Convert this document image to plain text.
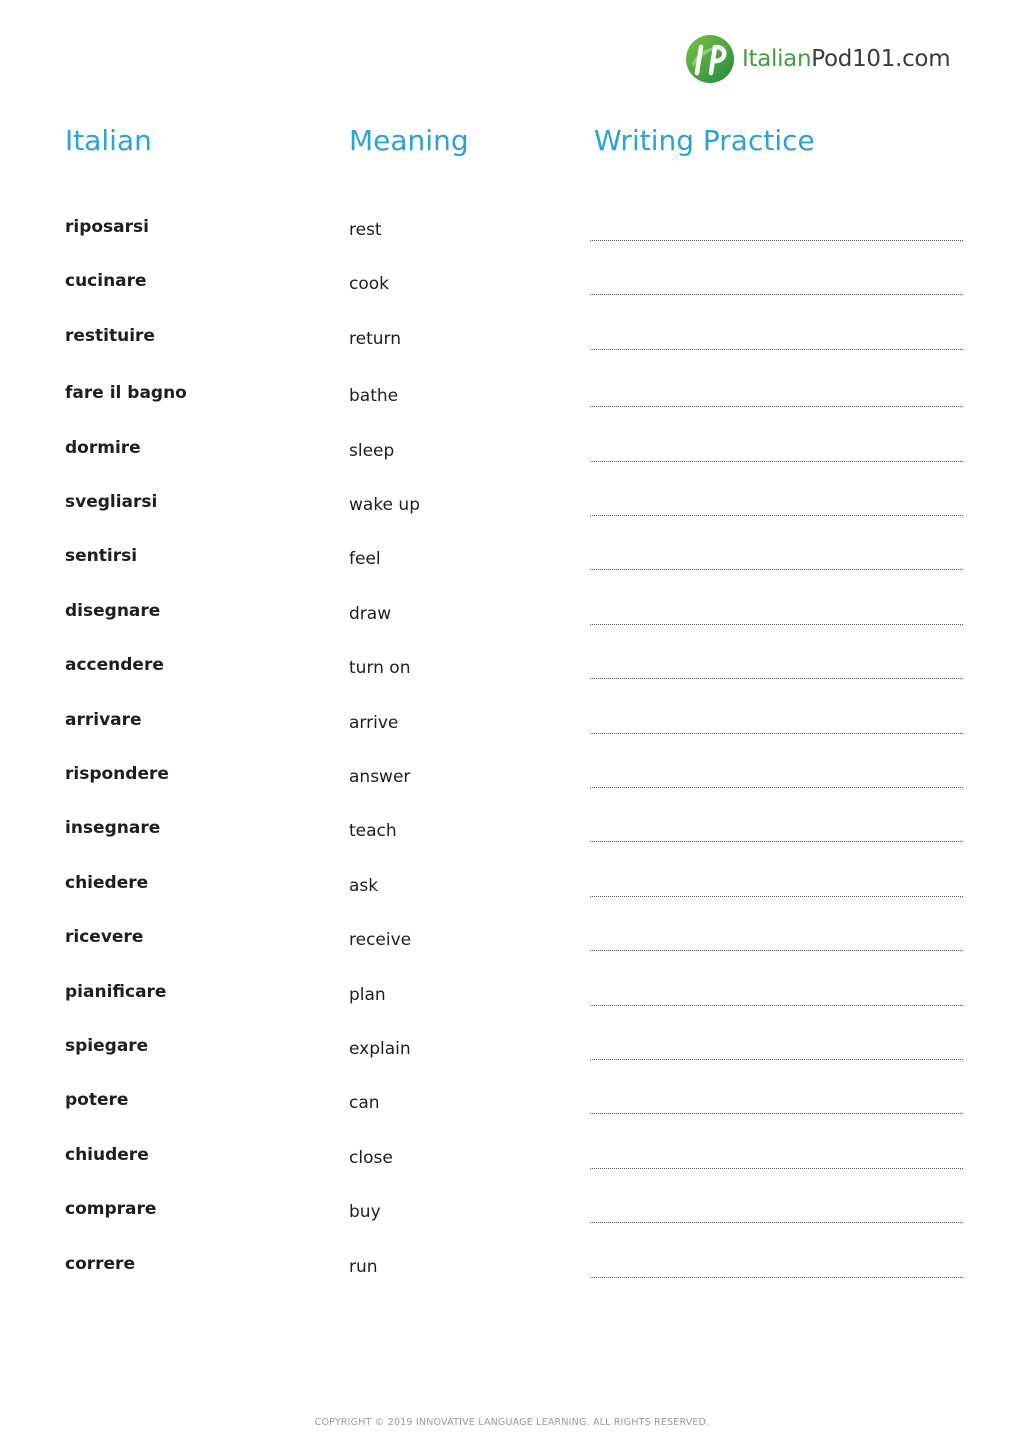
ItalianPod101.com
Italian	Meaning	Writing Practice
riposarsi	rest
cucinare	cook
restituire	return
fare il bagno	bathe
dormire	sleep
svegliarsi	wake up
sentirsi	feel
disegnare	draw
accendere	turn on
arrivare	arrive
rispondere	answer
insegnare	teach
chiedere	ask
ricevere	receive
pianificare	plan
spiegare	explain
potere	can
chiudere	close
comprare	buy
correre	run
COPYRIGHT © 2019 INNOVATIVE LANGUAGE LEARNING. ALL RIGHTS RESERVED.
